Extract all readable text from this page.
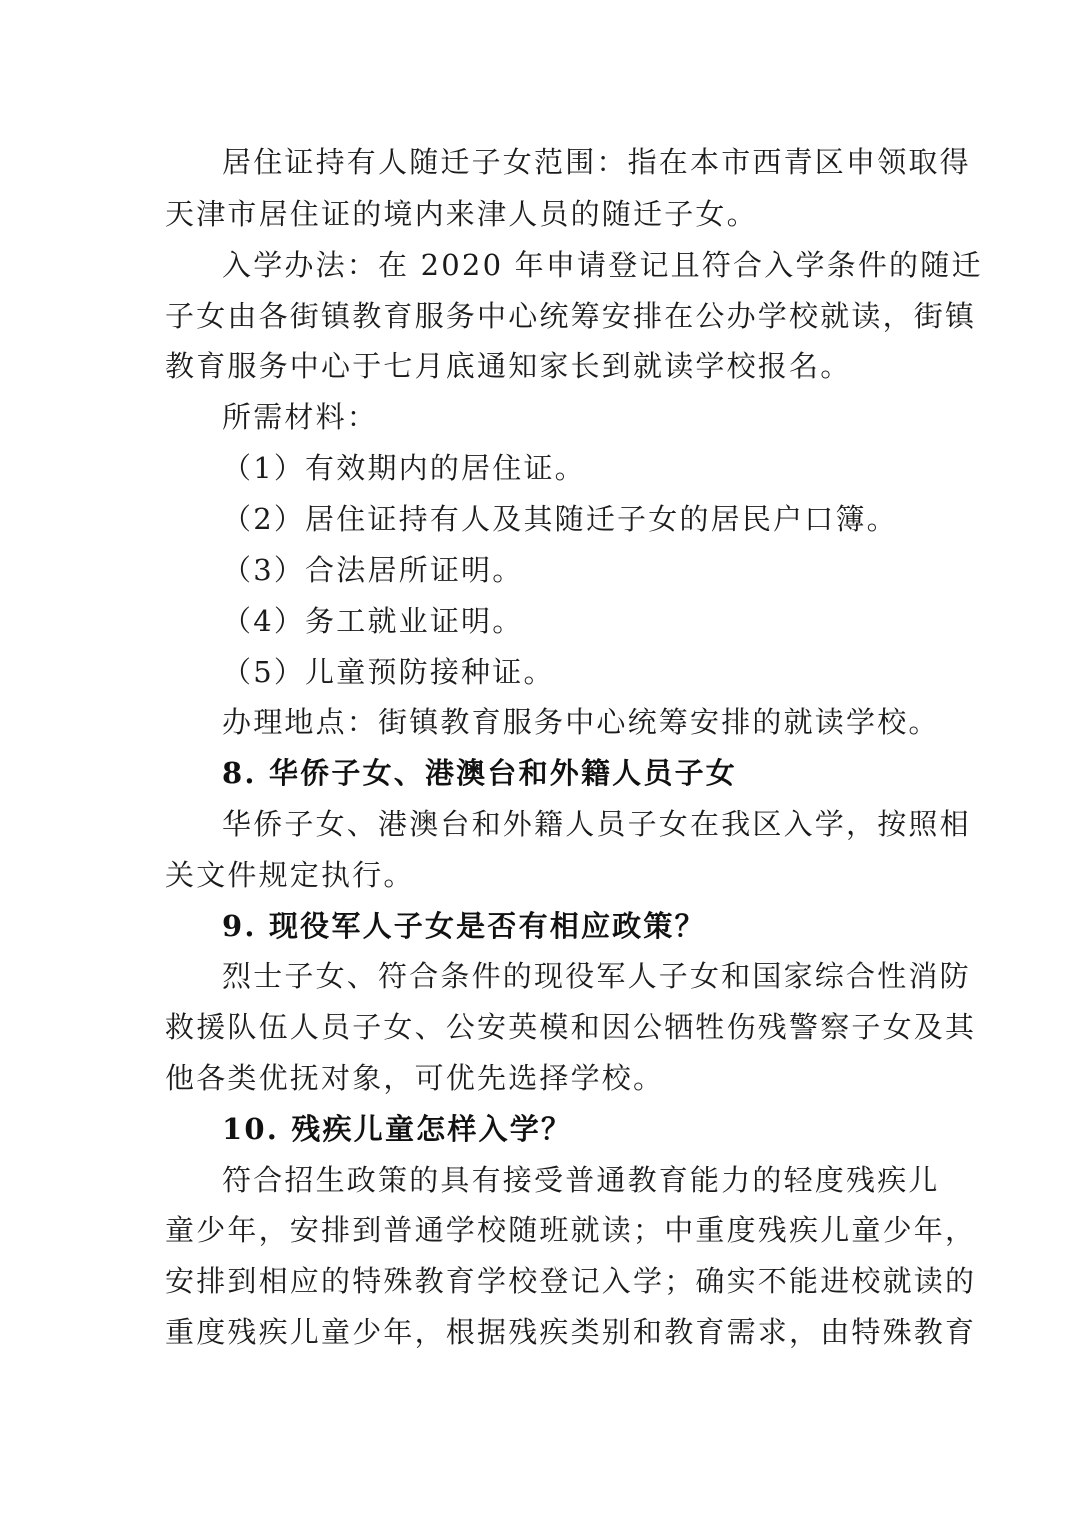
居住证持有人随迁子女范围：指在本市西青区申领取得

天津市居住证的境内来津人员的随迁子女。

入学办法：在 2020 年申请登记且符合入学条件的随迁

子女由各街镇教育服务中心统筹安排在公办学校就读，街镇

教育服务中心于七月底通知家长到就读学校报名。

所需材料：

（1）有效期内的居住证。

（2）居住证持有人及其随迁子女的居民户口簿。

（3）合法居所证明。

（4）务工就业证明。

（5）儿童预防接种证。

办理地点：街镇教育服务中心统筹安排的就读学校。

8. 华侨子女、港澳台和外籍人员子女

华侨子女、港澳台和外籍人员子女在我区入学，按照相

关文件规定执行。

9. 现役军人子女是否有相应政策？

烈士子女、符合条件的现役军人子女和国家综合性消防

救援队伍人员子女、公安英模和因公牺牲伤残警察子女及其

他各类优抚对象，可优先选择学校。

10. 残疾儿童怎样入学？

符合招生政策的具有接受普通教育能力的轻度残疾儿

童少年，安排到普通学校随班就读；中重度残疾儿童少年，

安排到相应的特殊教育学校登记入学；确实不能进校就读的

重度残疾儿童少年，根据残疾类别和教育需求，由特殊教育
